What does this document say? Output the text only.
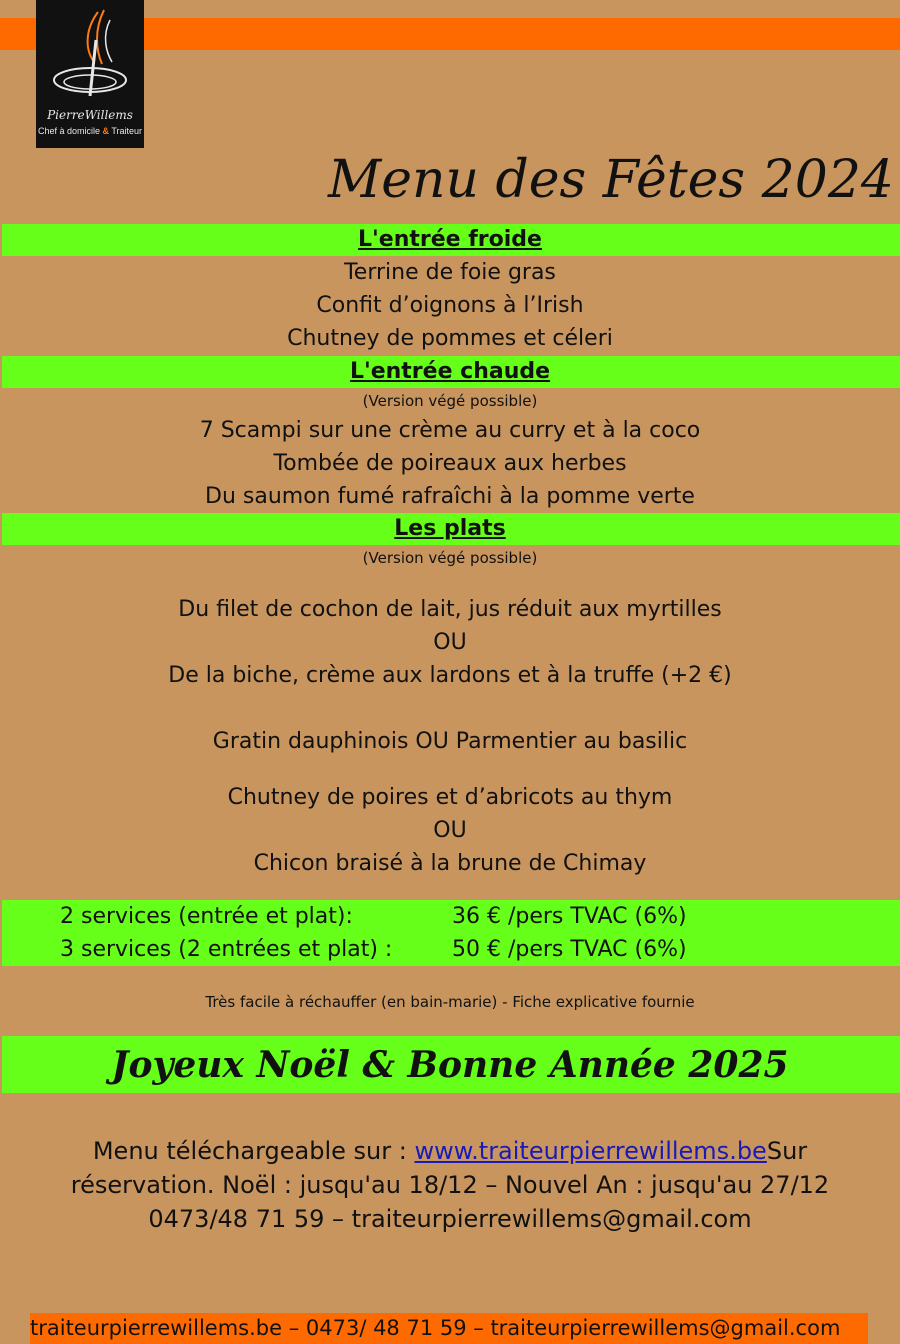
PierreWillems
Chef à domicile & Traiteur
Menu des Fêtes 2024
L'entrée froide
Terrine de foie gras
Confit d’oignons à l’Irish
Chutney de pommes et céleri
L'entrée chaude
(Version végé possible)
7 Scampi sur une crème au curry et à la coco
Tombée de poireaux aux herbes
Du saumon fumé rafraîchi à la pomme verte
Les plats
(Version végé possible)
Du filet de cochon de lait, jus réduit aux myrtilles
OU
De la biche, crème aux lardons et à la truffe (+2 €)
Gratin dauphinois OU Parmentier au basilic
Chutney de poires et d’abricots au thym
OU
Chicon braisé à la brune de Chimay
2 services (entrée et plat):	36 € /pers TVAC (6%)
3 services (2 entrées et plat) :	50 € /pers TVAC (6%)
Très facile à réchauffer (en bain-marie) - Fiche explicative fournie
Joyeux Noël & Bonne Année 2025
Menu téléchargeable sur : www.traiteurpierrewillems.beSur
réservation. Noël : jusqu'au 18/12 – Nouvel An : jusqu'au 27/12
0473/48 71 59 – traiteurpierrewillems@gmail.com
traiteurpierrewillems.be – 0473/ 48 71 59 – traiteurpierrewillems@gmail.com
